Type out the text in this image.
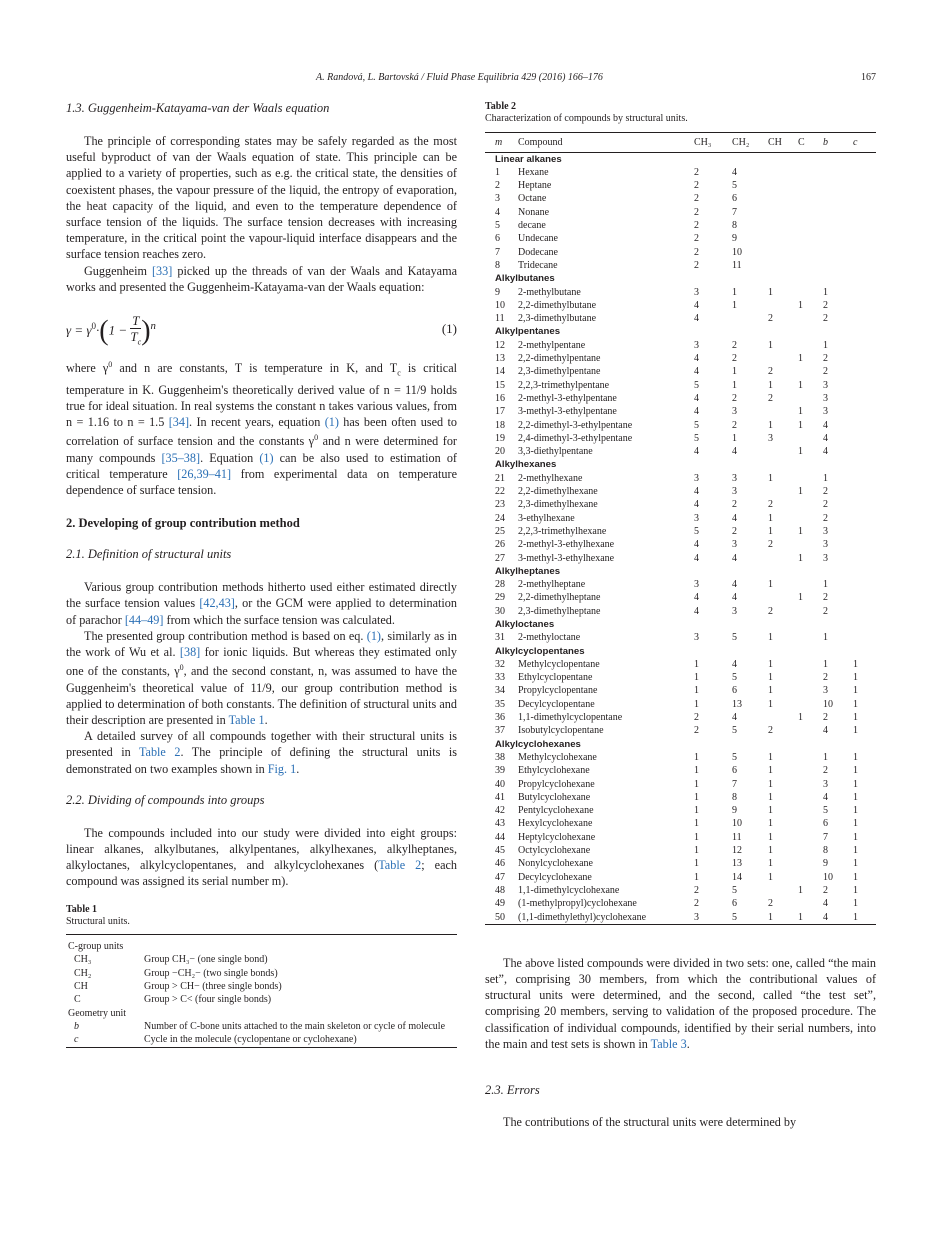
A. Randová, L. Bartovská / Fluid Phase Equilibria 429 (2016) 166–176	167
1.3. Guggenheim-Katayama-van der Waals equation

The principle of corresponding states may be safely regarded as the most useful byproduct of van der Waals equation of state. This principle can be applied to a variety of properties, such as e.g. the critical state, the densities of coexistent phases, the vapour pressure of the liquid, the entropy of evaporation, the heat capacity of the liquid, and even to the temperature dependence of surface tension of the liquids. The surface tension decreases with increasing temperature, in the critical point the vapour-liquid interface disappears and the surface tension reaches zero.

Guggenheim [33] picked up the threads of van der Waals and Katayama works and presented the Guggenheim-Katayama-van der Waals equation:

$\gamma = \gamma^0\cdot(1 - \frac{T}{T_c} )^n$	(1)

where $\gamma^0$ and n are constants, T is temperature in K, and $T_c$ is critical temperature in K. Guggenheim's theoretically derived value of n = 11/9 holds true for ideal situation. In real systems the constant n takes various values, from n = 1.16 to n = 1.5 [34]. In recent years, equation (1) has been often used to correlation of surface tension and the constants $\gamma^0$ and n were determined for many compounds [35–38]. Equation (1) can be also used to estimation of critical temperature [26,39–41] from experimental data on temperature dependence of surface tension.

2. Developing of group contribution method
2.1. Definition of structural units

Various group contribution methods hitherto used either estimated directly the surface tension values [42,43], or the GCM were applied to determination of parachor [44–49] from which the surface tension was calculated.

The presented group contribution method is based on eq. (1), similarly as in the work of Wu et al. [38] for ionic liquids. But whereas they estimated only one of the constants, $\gamma^0$, and the second constant, n, was assumed to have the Guggenheim's theoretical value of 11/9, our group contribution method is applied to determination of both constants. The definition of structural units and their description are presented in Table 1.

A detailed survey of all compounds together with their structural units is presented in Table 2. The principle of defining the structural units is demonstrated on two examples shown in Fig. 1.

2.2. Dividing of compounds into groups

The compounds included into our study were divided into eight groups: linear alkanes, alkylbutanes, alkylpentanes, alkylhexanes, alkylheptanes, alkyloctanes, alkylcyclopentanes, and alkylcyclohexanes (Table 2; each compound was assigned its serial number m).

Table 1
Structural units.
C-group units	
CH₃	Group CH₃− (one single bond)
CH₂	Group −CH₂− (two single bonds)
CH	Group > CH− (three single bonds)
C	Group > C< (four single bonds)
Geometry unit	
b	Number of C-bone units attached to the main skeleton or cycle of molecule
c	Cycle in the molecule (cyclopentane or cyclohexane)
Table 2
Characterization of compounds by structural units.
m	Compound	CH₃	CH₂	CH	C	b	c
Linear alkanes							
1	Hexane	2	4				
2	Heptane	2	5				
3	Octane	2	6				
4	Nonane	2	7				
5	decane	2	8				
6	Undecane	2	9				
7	Dodecane	2	10				
8	Tridecane	2	11				
Alkylbutanes							
9	2-methylbutane	3	1	1		1	
10	2,2-dimethylbutane	4	1		1	2	
11	2,3-dimethylbutane	4		2		2	
Alkylpentanes							
12	2-methylpentane	3	2	1		1	
13	2,2-dimethylpentane	4	2		1	2	
14	2,3-dimethylpentane	4	1	2		2	
15	2,2,3-trimethylpentane	5	1	1	1	3	
16	2-methyl-3-ethylpentane	4	2	2		3	
17	3-methyl-3-ethylpentane	4	3		1	3	
18	2,2-dimethyl-3-ethylpentane	5	2	1	1	4	
19	2,4-dimethyl-3-ethylpentane	5	1	3		4	
20	3,3-diethylpentane	4	4		1	4	
Alkylhexanes							
21	2-methylhexane	3	3	1		1	
22	2,2-dimethylhexane	4	3		1	2	
23	2,3-dimethylhexane	4	2	2		2	
24	3-ethylhexane	3	4	1		2	
25	2,2,3-trimethylhexane	5	2	1	1	3	
26	2-methyl-3-ethylhexane	4	3	2		3	
27	3-methyl-3-ethylhexane	4	4		1	3	
Alkylheptanes							
28	2-methylheptane	3	4	1		1	
29	2,2-dimethylheptane	4	4		1	2	
30	2,3-dimethylheptane	4	3	2		2	
Alkyloctanes							
31	2-methyloctane	3	5	1		1	
Alkylcyclopentanes							
32	Methylcyclopentane	1	4	1		1	1
33	Ethylcyclopentane	1	5	1		2	1
34	Propylcyclopentane	1	6	1		3	1
35	Decylcyclopentane	1	13	1		10	1
36	1,1-dimethylcyclopentane	2	4		1	2	1
37	Isobutylcyclopentane	2	5	2		4	1
Alkylcyclohexanes							
38	Methylcyclohexane	1	5	1		1	1
39	Ethylcyclohexane	1	6	1		2	1
40	Propylcyclohexane	1	7	1		3	1
41	Butylcyclohexane	1	8	1		4	1
42	Pentylcyclohexane	1	9	1		5	1
43	Hexylcyclohexane	1	10	1		6	1
44	Heptylcyclohexane	1	11	1		7	1
45	Octylcyclohexane	1	12	1		8	1
46	Nonylcyclohexane	1	13	1		9	1
47	Decylcyclohexane	1	14	1		10	1
48	1,1-dimethylcyclohexane	2	5		1	2	1
49	(1-methylpropyl)cyclohexane	2	6	2		4	1
50	(1,1-dimethylethyl)cyclohexane	3	5	1	1	4	1

The above listed compounds were divided in two sets: one, called “the main set”, comprising 30 members, from which the contributional values of structural units were determined, and the second, called “the test set”, comprising 20 members, serving to validation of the proposed procedure. The classification of individual compounds, identified by their serial numbers, into the main and test sets is shown in Table 3.

2.3. Errors

The contributions of the structural units were determined by
